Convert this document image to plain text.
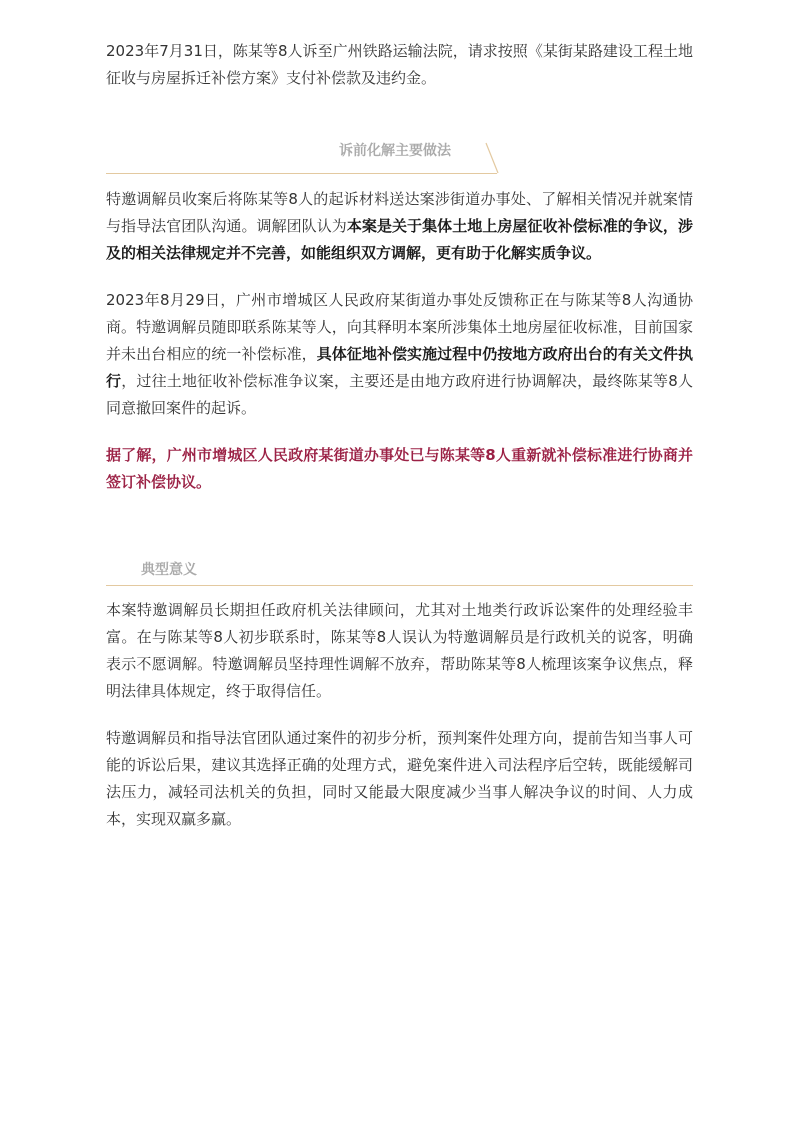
2023年7月31日，陈某等8人诉至广州铁路运输法院，请求按照《某街某路建设工程土地征收与房屋拆迁补偿方案》支付补偿款及违约金。

诉前化解主要做法

特邀调解员收案后将陈某等8人的起诉材料送达案涉街道办事处、了解相关情况并就案情与指导法官团队沟通。调解团队认为本案是关于集体土地上房屋征收补偿标准的争议，涉及的相关法律规定并不完善，如能组织双方调解，更有助于化解实质争议。

2023年8月29日，广州市增城区人民政府某街道办事处反馈称正在与陈某等8人沟通协商。特邀调解员随即联系陈某等人，向其释明本案所涉集体土地房屋征收标准，目前国家并未出台相应的统一补偿标准，具体征地补偿实施过程中仍按地方政府出台的有关文件执行，过往土地征收补偿标准争议案，主要还是由地方政府进行协调解决，最终陈某等8人同意撤回案件的起诉。

据了解，广州市增城区人民政府某街道办事处已与陈某等8人重新就补偿标准进行协商并签订补偿协议。

典型意义

本案特邀调解员长期担任政府机关法律顾问，尤其对土地类行政诉讼案件的处理经验丰富。在与陈某等8人初步联系时，陈某等8人误认为特邀调解员是行政机关的说客，明确表示不愿调解。特邀调解员坚持理性调解不放弃，帮助陈某等8人梳理该案争议焦点，释明法律具体规定，终于取得信任。

特邀调解员和指导法官团队通过案件的初步分析，预判案件处理方向，提前告知当事人可能的诉讼后果，建议其选择正确的处理方式，避免案件进入司法程序后空转，既能缓解司法压力，减轻司法机关的负担，同时又能最大限度减少当事人解决争议的时间、人力成本，实现双赢多赢。
